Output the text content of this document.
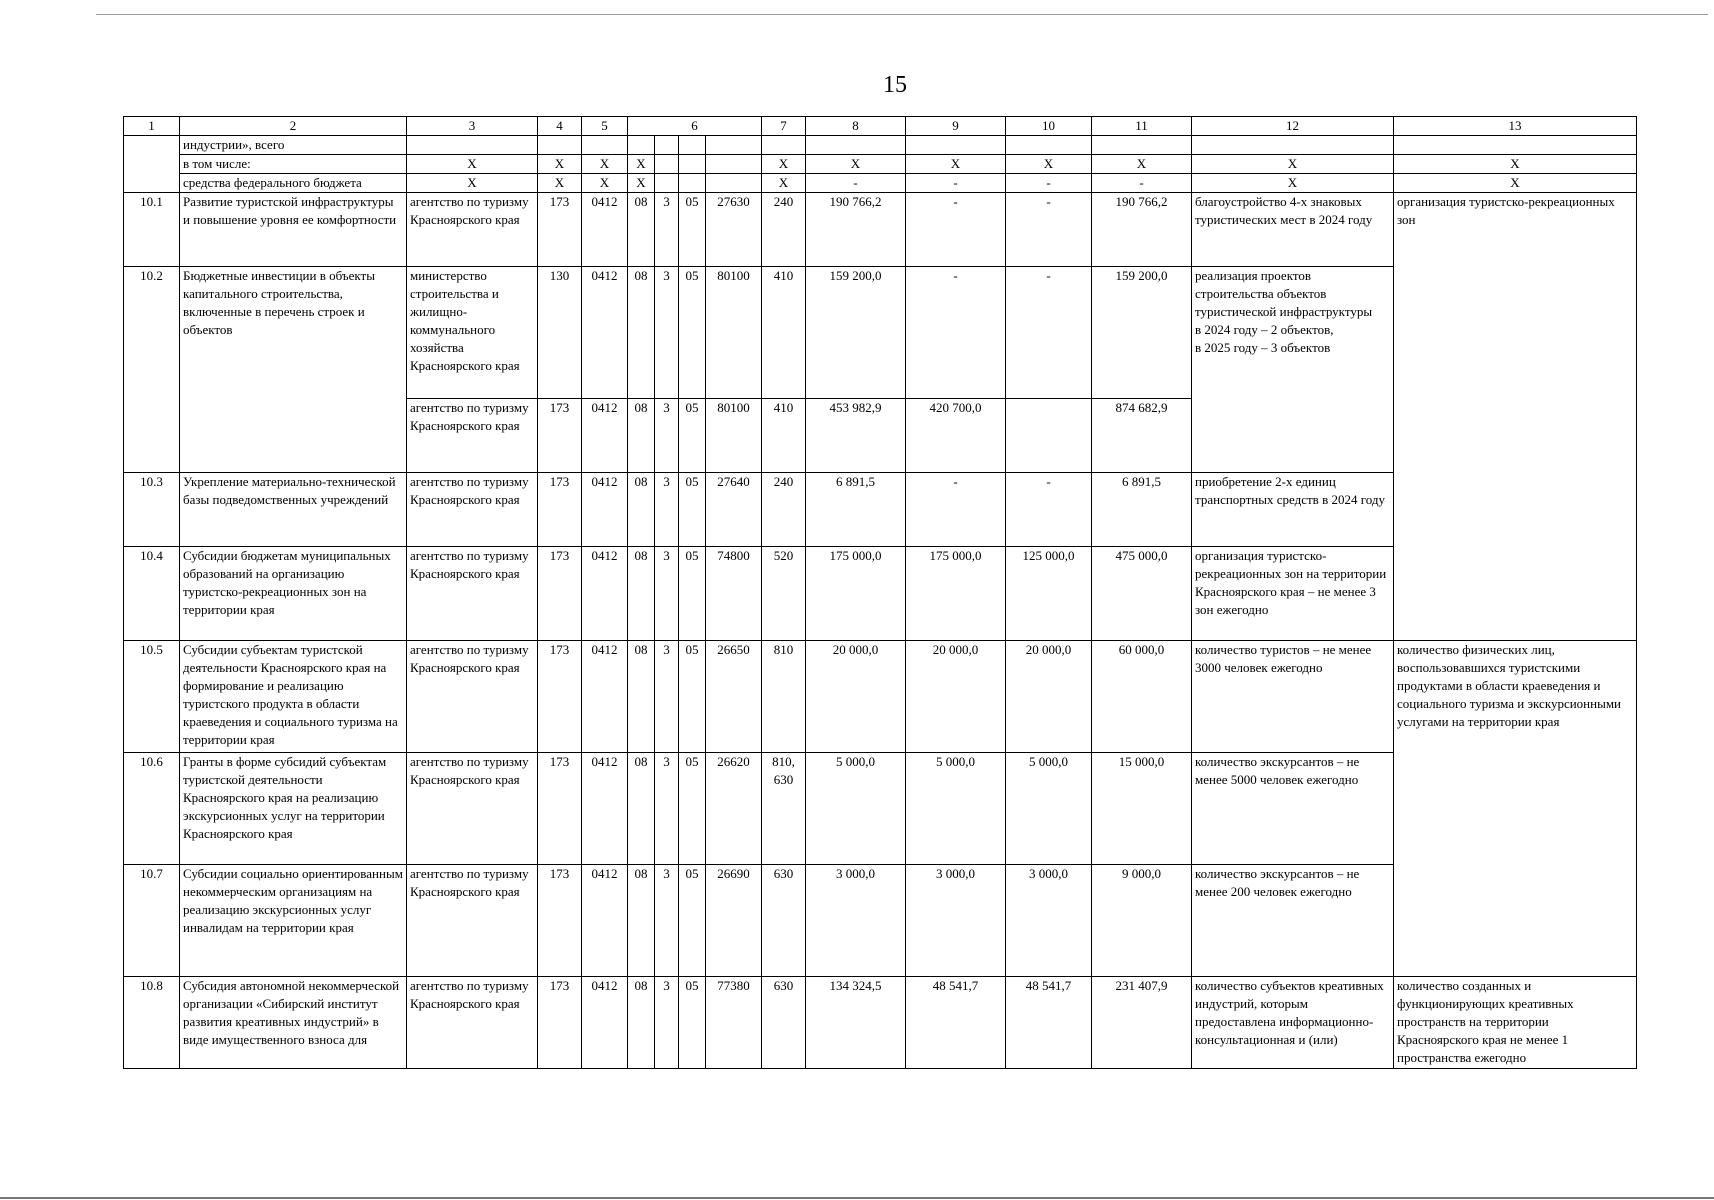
15
1	2	3	4	5	6				7	8	9	10	11	12	13
	индустрии», всего														
	в том числе:	Х	Х	Х	Х				Х	Х	Х	Х	Х	Х	Х
	средства федерального бюджета	Х	Х	Х	Х				Х	-	-	-	-	Х	Х
10.1	Развитие туристской инфраструктуры и повышение уровня ее комфортности	агентство по туризму Красноярского края	173	0412	08	3	05	27630	240	190 766,2	-	-	190 766,2	благоустройство 4-х знаковых туристических мест в 2024 году	организация туристско-рекреационных зон
10.2	Бюджетные инвестиции в объекты капитального строительства, включенные в перечень строек и объектов	министерство строительства и жилищно-коммунального хозяйства Красноярского края	130	0412	08	3	05	80100	410	159 200,0	-	-	159 200,0	реализация проектов строительства объектов туристической инфраструктуры
в 2024 году – 2 объектов,
в 2025 году – 3 объектов	
		агентство по туризму Красноярского края	173	0412	08	3	05	80100	410	453 982,9	420 700,0		874 682,9		
10.3	Укрепление материально-технической базы подведомственных учреждений	агентство по туризму Красноярского края	173	0412	08	3	05	27640	240	6 891,5	-	-	6 891,5	приобретение 2-х единиц транспортных средств в 2024 году	
10.4	Субсидии бюджетам муниципальных образований на организацию туристско-рекреационных зон на территории края	агентство по туризму Красноярского края	173	0412	08	3	05	74800	520	175 000,0	175 000,0	125 000,0	475 000,0	организация туристско-рекреационных зон на территории Красноярского края – не менее 3 зон ежегодно	
10.5	Субсидии субъектам туристской деятельности Красноярского края на формирование и реализацию туристского продукта в области краеведения и социального туризма на территории края	агентство по туризму Красноярского края	173	0412	08	3	05	26650	810	20 000,0	20 000,0	20 000,0	60 000,0	количество туристов – не менее 3000 человек ежегодно	количество физических лиц, воспользовавшихся туристскими продуктами в области краеведения и социального туризма и экскурсионными услугами на территории края
10.6	Гранты в форме субсидий субъектам туристской деятельности Красноярского края на реализацию экскурсионных услуг на территории Красноярского края	агентство по туризму Красноярского края	173	0412	08	3	05	26620	810, 630	5 000,0	5 000,0	5 000,0	15 000,0	количество экскурсантов – не менее 5000 человек ежегодно	
10.7	Субсидии социально ориентированным некоммерческим организациям на реализацию экскурсионных услуг инвалидам на территории края	агентство по туризму Красноярского края	173	0412	08	3	05	26690	630	3 000,0	3 000,0	3 000,0	9 000,0	количество экскурсантов – не менее 200 человек ежегодно	
10.8	Субсидия автономной некоммерческой организации «Сибирский институт развития креативных индустрий» в виде имущественного взноса для	агентство по туризму Красноярского края	173	0412	08	3	05	77380	630	134 324,5	48 541,7	48 541,7	231 407,9	количество субъектов креативных индустрий, которым предоставлена информационно-консультационная и (или)	количество созданных и функционирующих креативных пространств на территории Красноярского края не менее 1 пространства ежегодно
